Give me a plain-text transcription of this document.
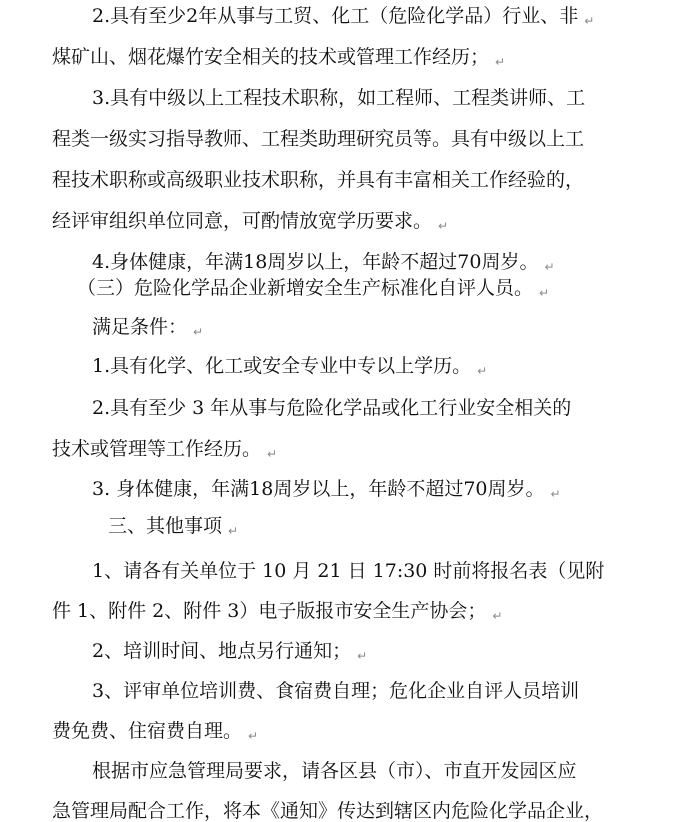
2.具有至少2年从事与工贸、化工（危险化学品）行业、非 ↵
煤矿山、烟花爆竹安全相关的技术或管理工作经历； ↵
3.具有中级以上工程技术职称，如工程师、工程类讲师、工
程类一级实习指导教师、工程类助理研究员等。具有中级以上工
程技术职称或高级职业技术职称，并具有丰富相关工作经验的，
经评审组织单位同意，可酌情放宽学历要求。 ↵
4.身体健康，年满18周岁以上，年龄不超过70周岁。 ↵
（三）危险化学品企业新增安全生产标准化自评人员。 ↵
满足条件： ↵
1.具有化学、化工或安全专业中专以上学历。 ↵
2.具有至少 3 年从事与危险化学品或化工行业安全相关的
技术或管理等工作经历。 ↵
3. 身体健康，年满18周岁以上，年龄不超过70周岁。 ↵
三、其他事项 ↵
1、请各有关单位于 10 月 21 日 17:30 时前将报名表（见附
件 1、附件 2、附件 3）电子版报市安全生产协会； ↵
2、培训时间、地点另行通知； ↵
3、评审单位培训费、食宿费自理；危化企业自评人员培训
费免费、住宿费自理。 ↵
根据市应急管理局要求，请各区县（市）、市直开发园区应
急管理局配合工作，将本《通知》传达到辖区内危险化学品企业，
